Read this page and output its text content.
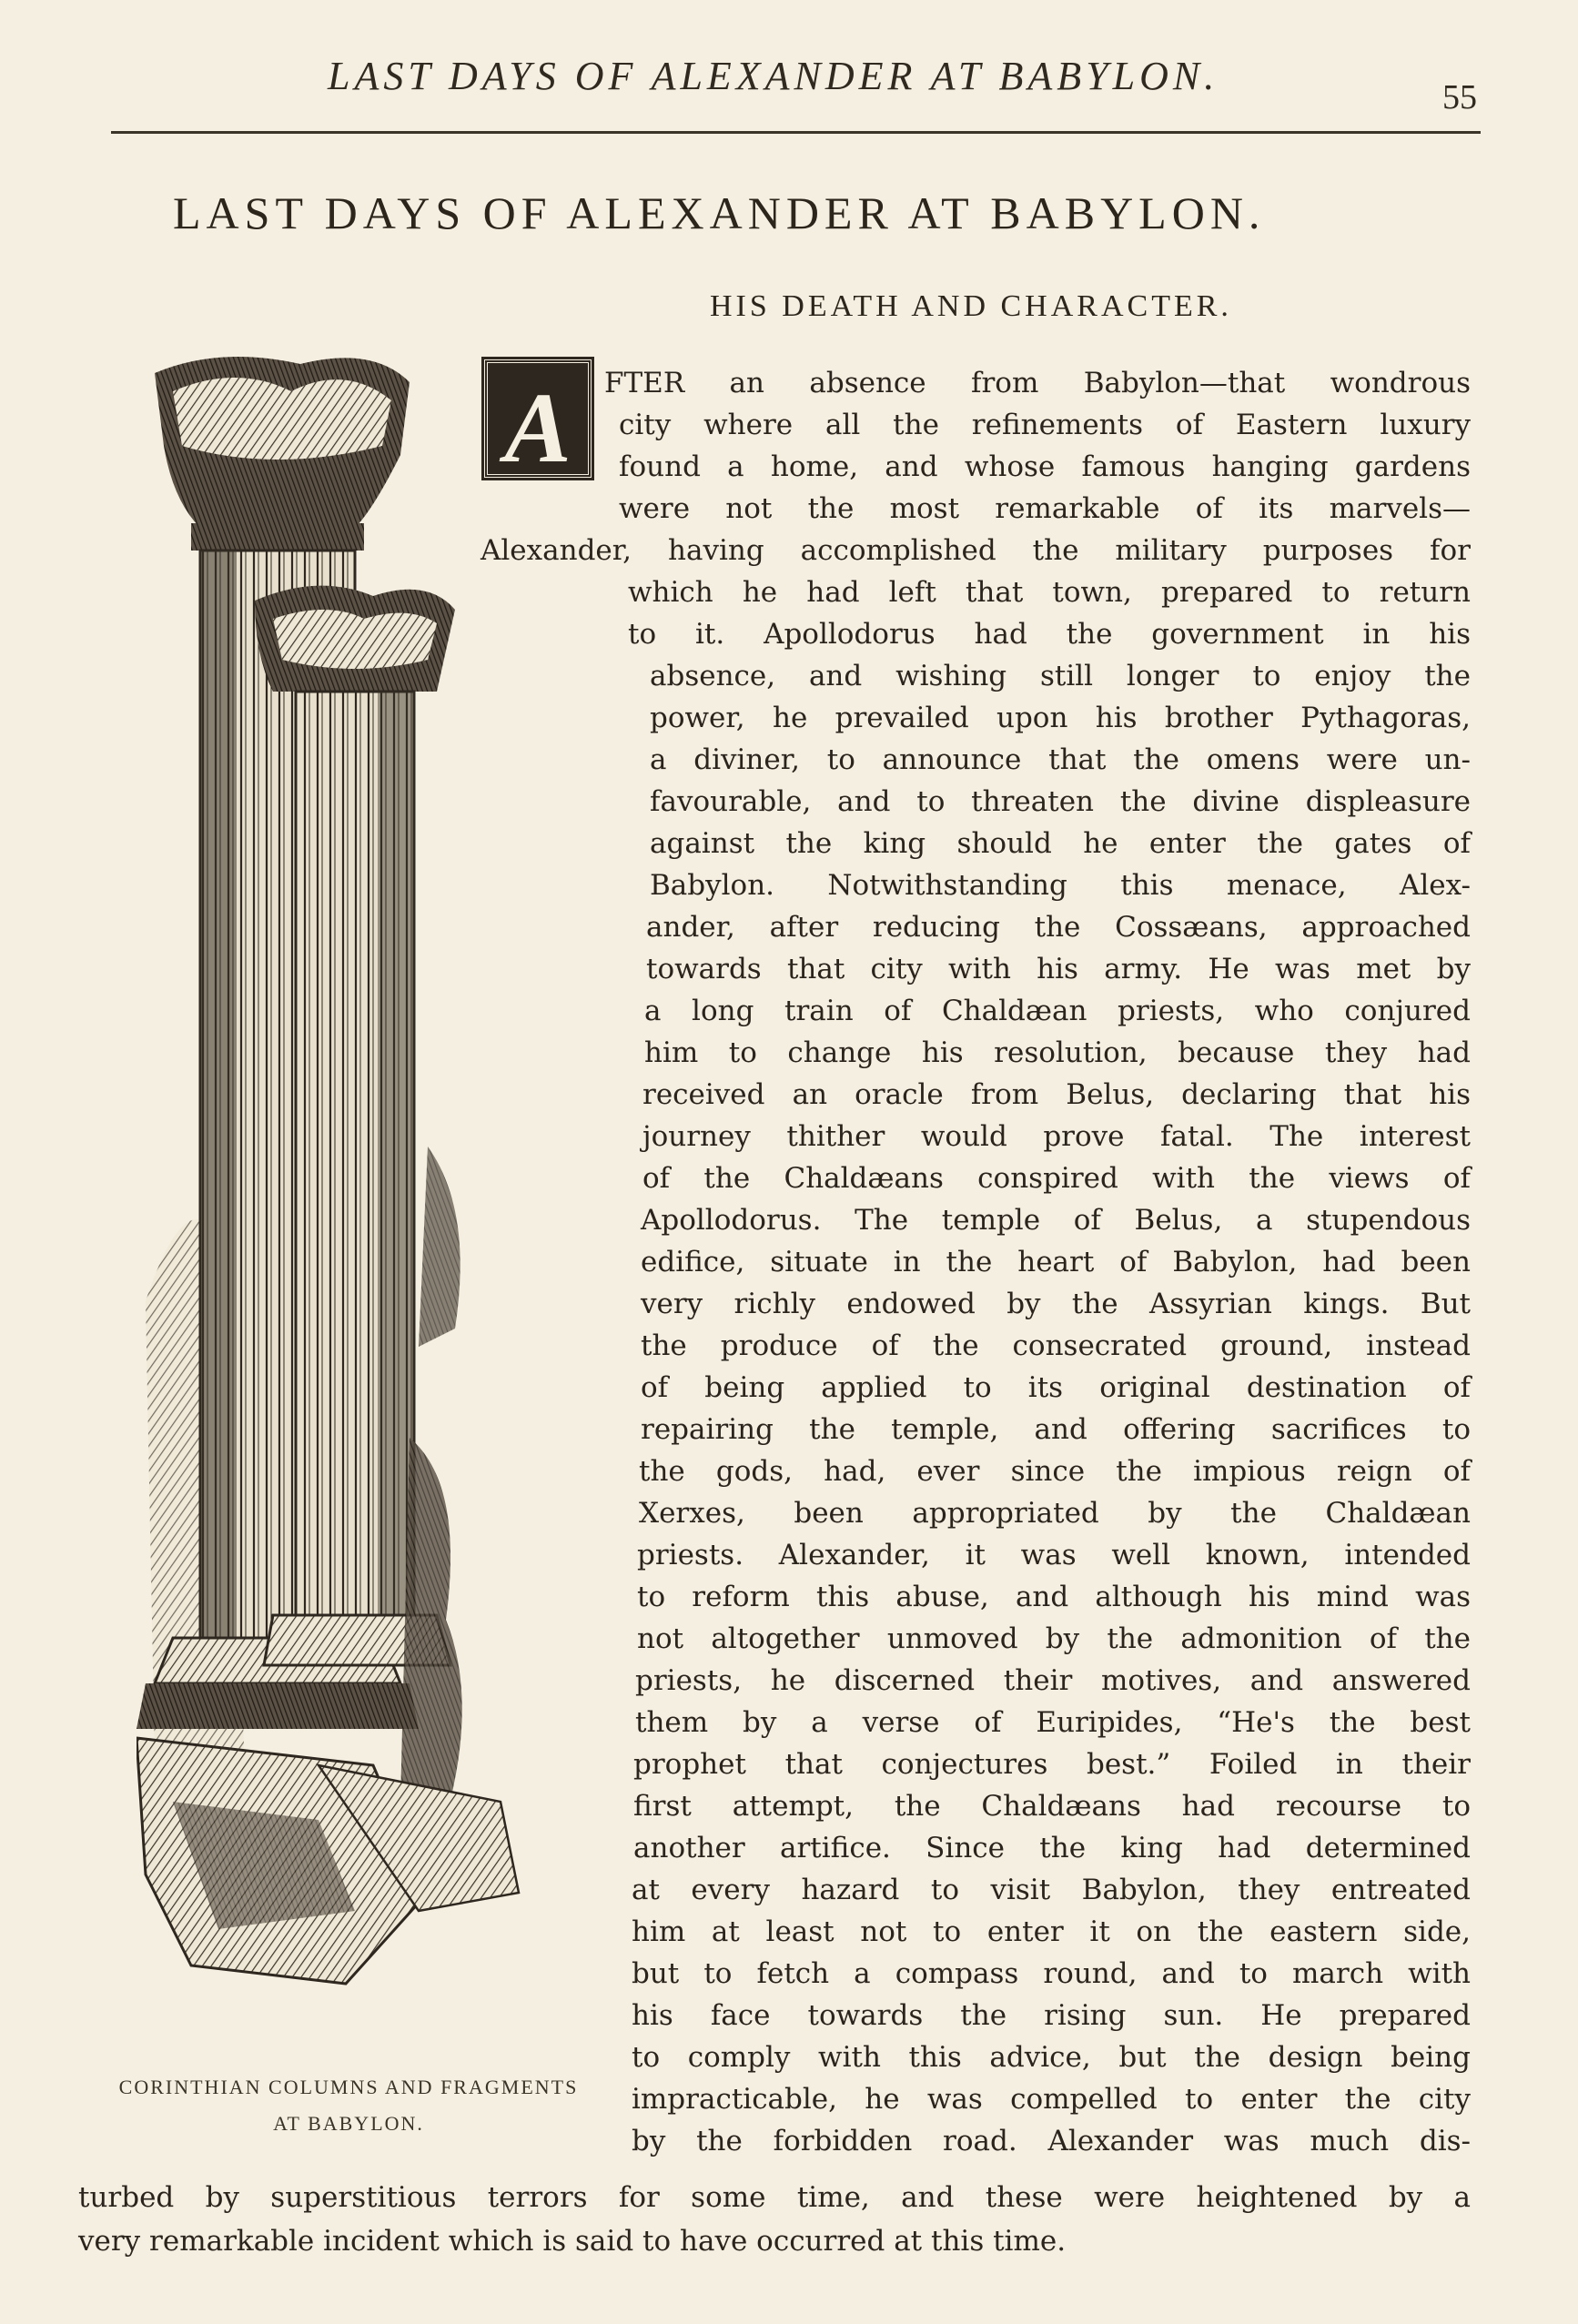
LAST DAYS OF ALEXANDER AT BABYLON.	55
LAST DAYS OF ALEXANDER AT BABYLON.
HIS DEATH AND CHARACTER.
CORINTHIAN COLUMNS AND FRAGMENTS
AT BABYLON.
A	FTER an absence from Babylon—that wondrous
city where all the refinements of Eastern luxury
found a home, and whose famous hanging gardens
were not the most remarkable of its marvels—
Alexander, having accomplished the military purposes for
which he had left that town, prepared to return
to it. Apollodorus had the government in his
absence, and wishing still longer to enjoy the
power, he prevailed upon his brother Pythagoras,
a diviner, to announce that the omens were un-
favourable, and to threaten the divine displeasure
against the king should he enter the gates of
Babylon. Notwithstanding this menace, Alex-
ander, after reducing the Cossæans, approached
towards that city with his army. He was met by
a long train of Chaldæan priests, who conjured
him to change his resolution, because they had
received an oracle from Belus, declaring that his
journey thither would prove fatal. The interest
of the Chaldæans conspired with the views of
Apollodorus. The temple of Belus, a stupendous
edifice, situate in the heart of Babylon, had been
very richly endowed by the Assyrian kings. But
the produce of the consecrated ground, instead
of being applied to its original destination of
repairing the temple, and offering sacrifices to
the gods, had, ever since the impious reign of
Xerxes, been appropriated by the Chaldæan
priests. Alexander, it was well known, intended
to reform this abuse, and although his mind was
not altogether unmoved by the admonition of the
priests, he discerned their motives, and answered
them by a verse of Euripides, “He's the best
prophet that conjectures best.” Foiled in their
first attempt, the Chaldæans had recourse to
another artifice. Since the king had determined
at every hazard to visit Babylon, they entreated
him at least not to enter it on the eastern side,
but to fetch a compass round, and to march with
his face towards the rising sun. He prepared
to comply with this advice, but the design being
impracticable, he was compelled to enter the city
by the forbidden road. Alexander was much dis-
turbed by superstitious terrors for some time, and these were heightened by a
very remarkable incident which is said to have occurred at this time.
